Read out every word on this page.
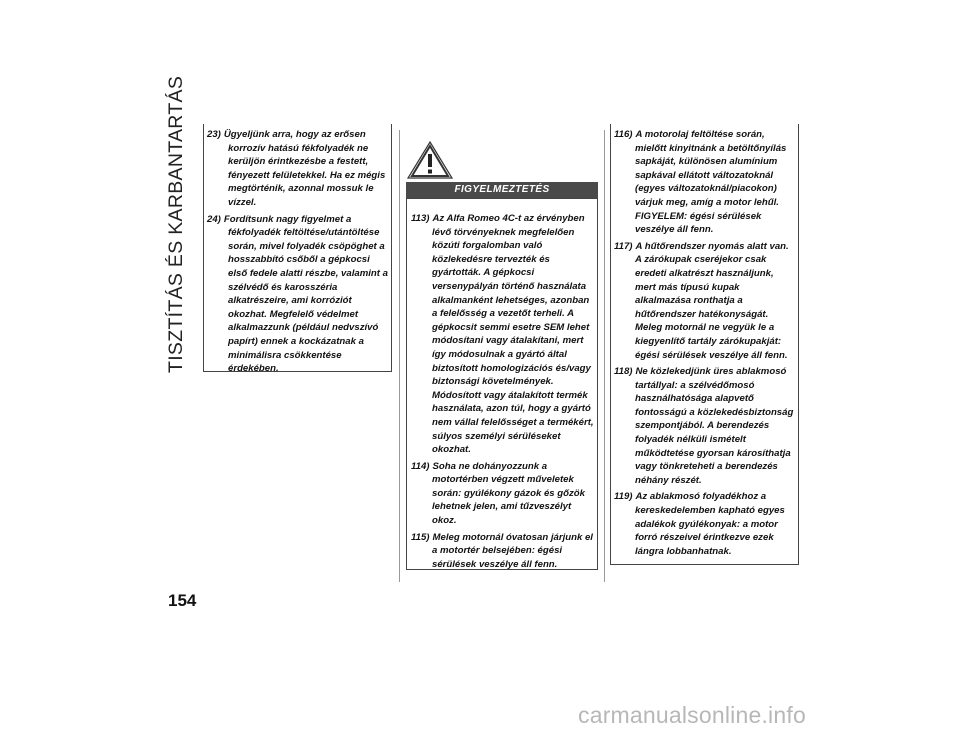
TISZTÍTÁS ÉS KARBANTARTÁS
154
23) Ügyeljünk arra, hogy az erősen korrozív hatású fékfolyadék ne kerüljön érintkezésbe a festett, fényezett felületekkel. Ha ez mégis megtörténik, azonnal mossuk le vízzel.
24) Fordítsunk nagy figyelmet a fékfolyadék feltöltése/utántöltése során, mivel folyadék csöpöghet a hosszabbító csőből a gépkocsi első fedele alatti részbe, valamint a szélvédő és karosszéria alkatrészeire, ami korróziót okozhat. Megfelelő védelmet alkalmazzunk (például nedvszívó papírt) ennek a kockázatnak a minimálisra csökkentése érdekében.
FIGYELMEZTETÉS
113) Az Alfa Romeo 4C-t az érvényben lévő törvényeknek megfelelően közúti forgalomban való közlekedésre tervezték és gyártották. A gépkocsi versenypályán történő használata alkalmanként lehetséges, azonban a felelősség a vezetőt terheli. A gépkocsit semmi esetre SEM lehet módosítani vagy átalakítani, mert így módosulnak a gyártó által biztosított homologizációs és/vagy biztonsági követelmények. Módosított vagy átalakított termék használata, azon túl, hogy a gyártó nem vállal felelősséget a termékért, súlyos személyi sérüléseket okozhat.
114) Soha ne dohányozzunk a motortérben végzett műveletek során: gyúlékony gázok és gőzök lehetnek jelen, ami tűzveszélyt okoz.
115) Meleg motornál óvatosan járjunk el a motortér belsejében: égési sérülések veszélye áll fenn.
116) A motorolaj feltöltése során, mielőtt kinyitnánk a betöltőnyílás sapkáját, különösen alumínium sapkával ellátott változatoknál (egyes változatoknál/piacokon) várjuk meg, amíg a motor lehűl. FIGYELEM: égési sérülések veszélye áll fenn.
117) A hűtőrendszer nyomás alatt van. A zárókupak cseréjekor csak eredeti alkatrészt használjunk, mert más típusú kupak alkalmazása ronthatja a hűtőrendszer hatékonyságát. Meleg motornál ne vegyük le a kiegyenlítő tartály zárókupakját: égési sérülések veszélye áll fenn.
118) Ne közlekedjünk üres ablakmosó tartállyal: a szélvédőmosó használhatósága alapvető fontosságú a közlekedésbiztonság szempontjából. A berendezés folyadék nélküli ismételt működtetése gyorsan károsíthatja vagy tönkreteheti a berendezés néhány részét.
119) Az ablakmosó folyadékhoz a kereskedelemben kapható egyes adalékok gyúlékonyak: a motor forró részeivel érintkezve ezek lángra lobbanhatnak.
carmanualsonline.info
